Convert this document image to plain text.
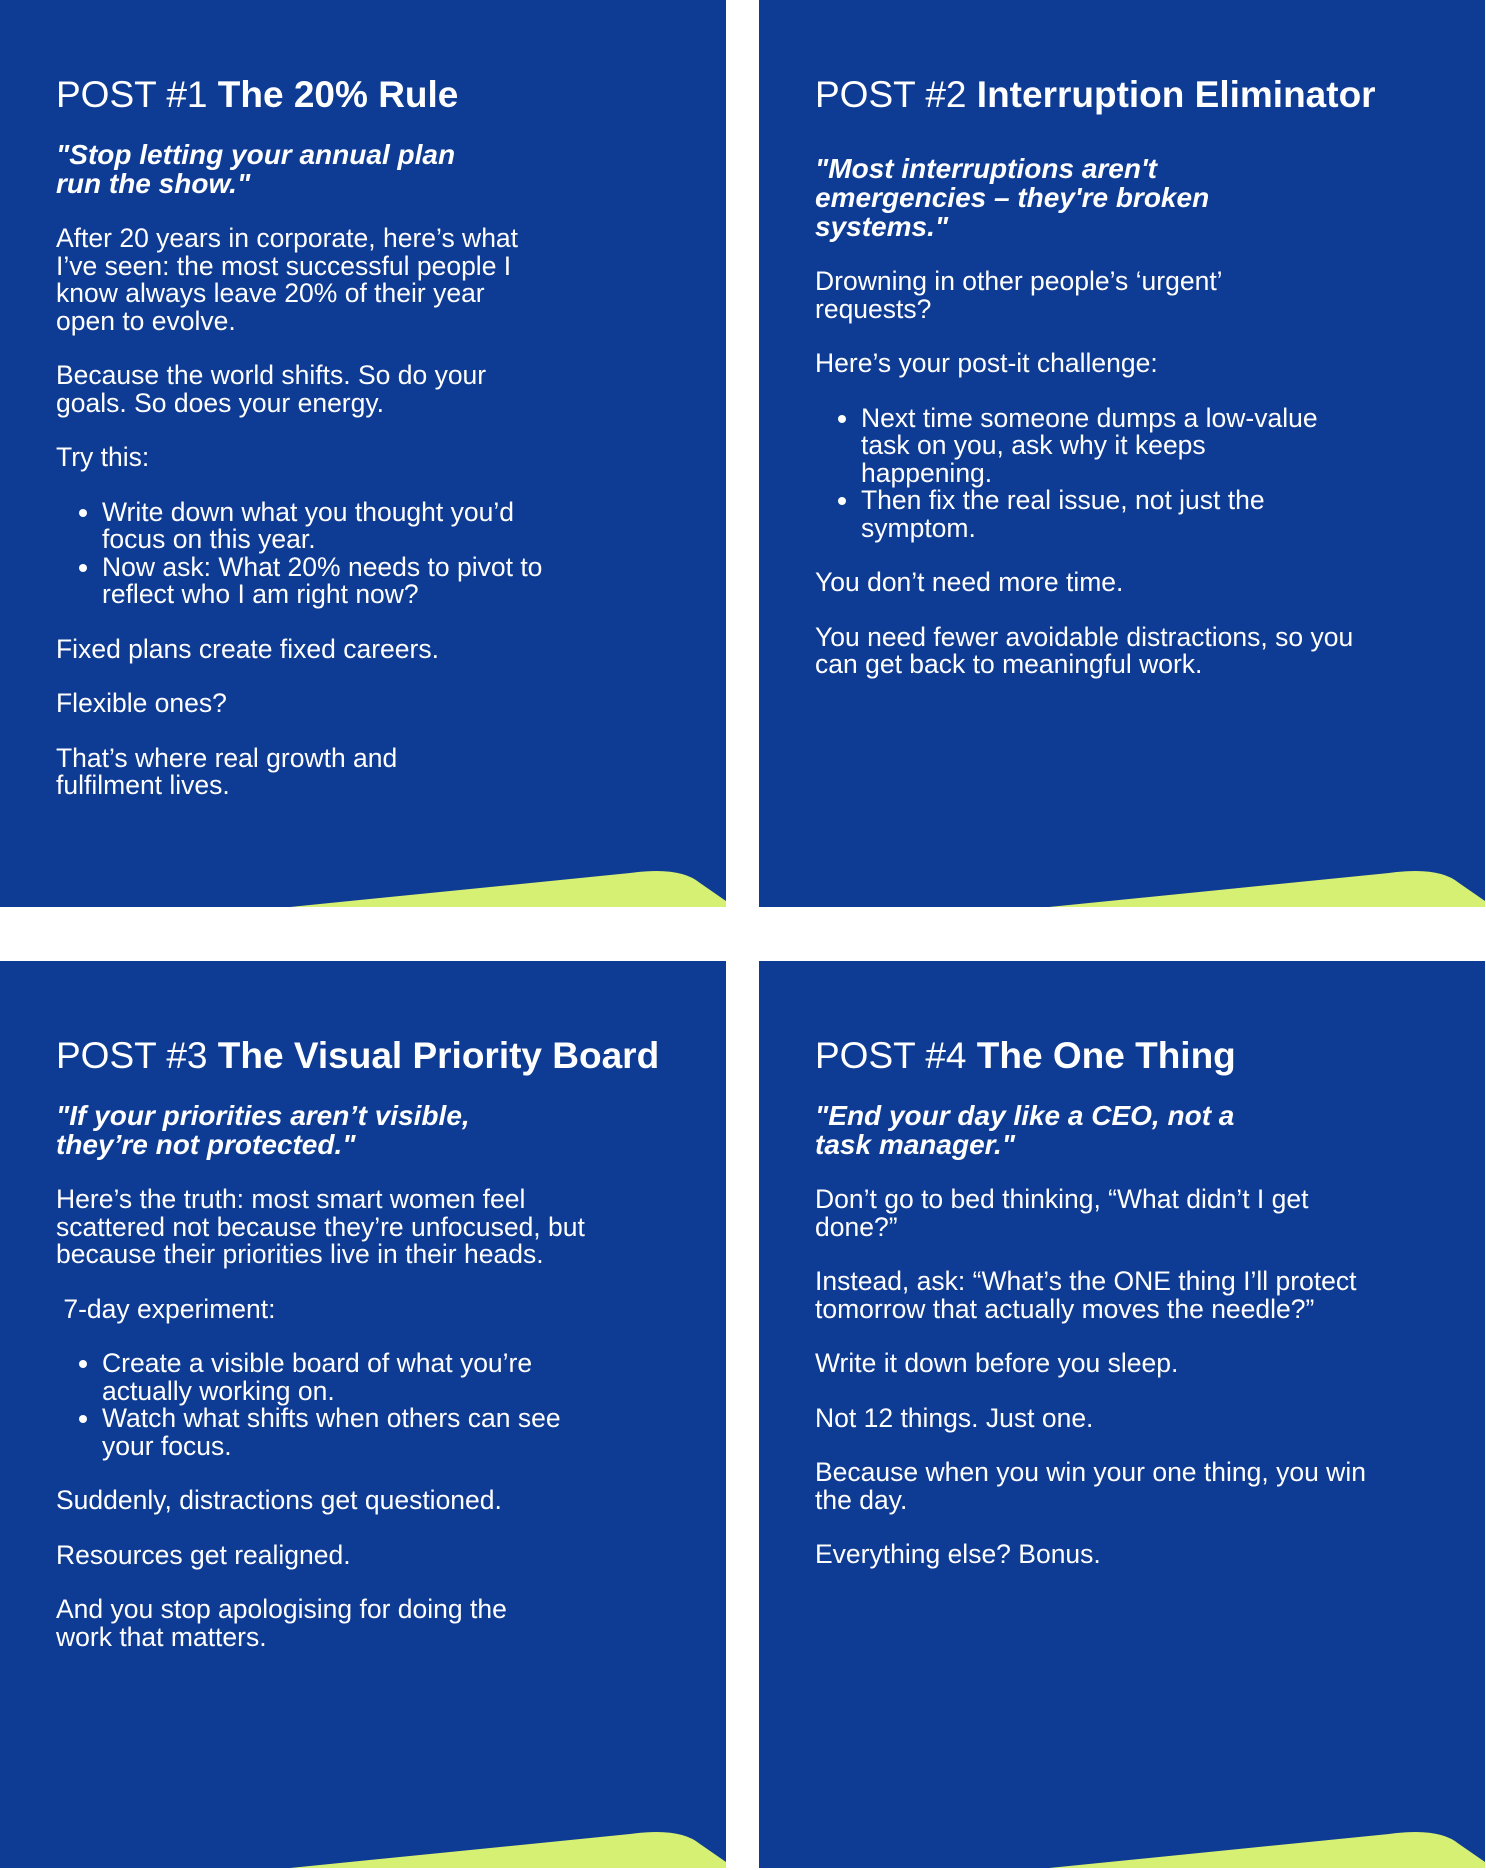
POST #1 The 20% Rule
"Stop letting your annual plan run the show."
After 20 years in corporate, here’s what I’ve seen: the most successful people I know always leave 20% of their year open to evolve.
Because the world shifts. So do your goals. So does your energy.
Try this:
• Write down what you thought you’d focus on this year.
• Now ask: What 20% needs to pivot to reflect who I am right now?
Fixed plans create fixed careers.
Flexible ones?
That’s where real growth and fulfilment lives.
POST #2 Interruption Eliminator
"Most interruptions aren't emergencies – they're broken systems."
Drowning in other people’s ‘urgent’ requests?
Here’s your post-it challenge:
• Next time someone dumps a low-value task on you, ask why it keeps happening.
• Then fix the real issue, not just the symptom.
You don’t need more time.
You need fewer avoidable distractions, so you can get back to meaningful work.
POST #3 The Visual Priority Board
"If your priorities aren’t visible, they’re not protected."
Here’s the truth: most smart women feel scattered not because they’re unfocused, but because their priorities live in their heads.
7-day experiment:
• Create a visible board of what you’re actually working on.
• Watch what shifts when others can see your focus.
Suddenly, distractions get questioned.
Resources get realigned.
And you stop apologising for doing the work that matters.
POST #4 The One Thing
"End your day like a CEO, not a task manager."
Don’t go to bed thinking, “What didn’t I get done?”
Instead, ask: “What’s the ONE thing I’ll protect tomorrow that actually moves the needle?”
Write it down before you sleep.
Not 12 things. Just one.
Because when you win your one thing, you win the day.
Everything else? Bonus.
